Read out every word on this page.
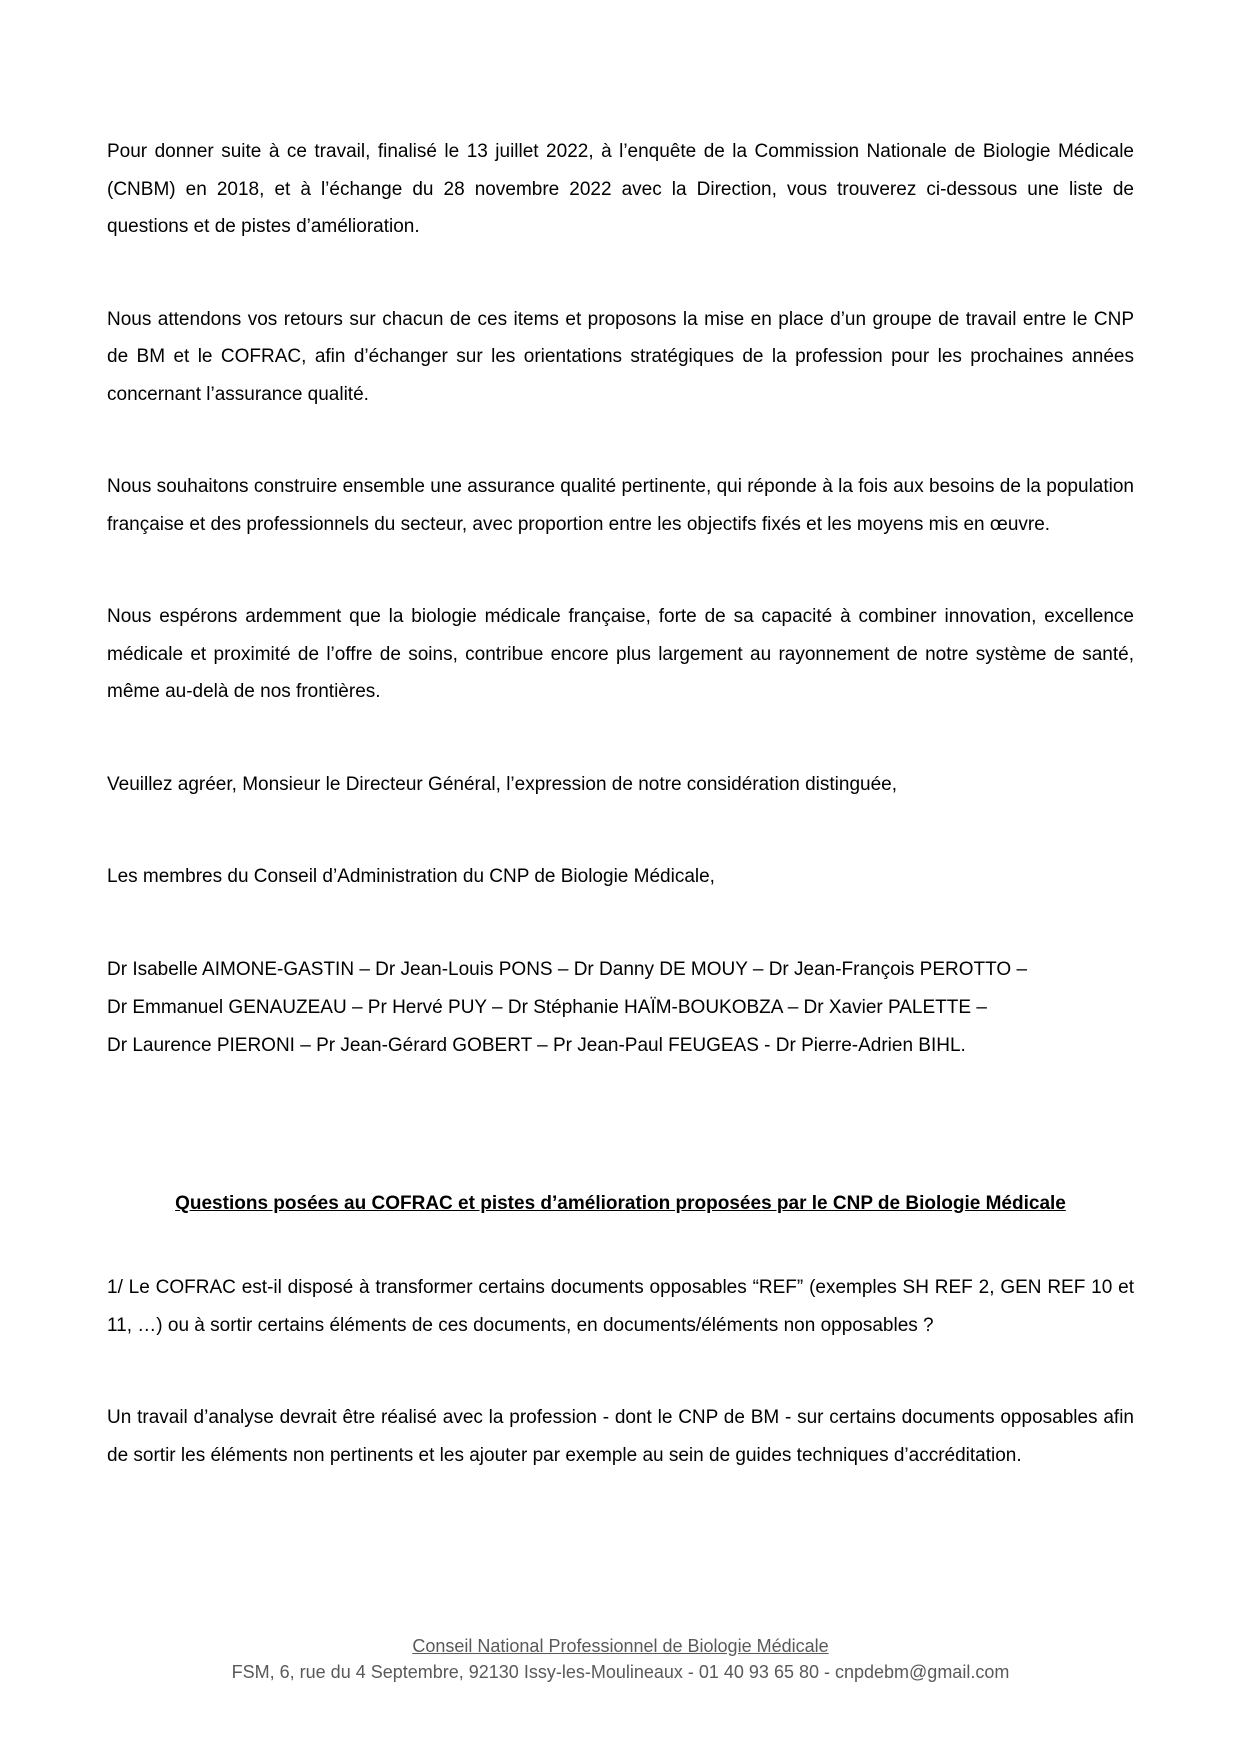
Pour donner suite à ce travail, finalisé le 13 juillet 2022, à l’enquête de la Commission Nationale de Biologie Médicale (CNBM) en 2018, et à l’échange du 28 novembre 2022 avec la Direction, vous trouverez ci-dessous une liste de questions et de pistes d’amélioration.

Nous attendons vos retours sur chacun de ces items et proposons la mise en place d’un groupe de travail entre le CNP de BM et le COFRAC, afin d’échanger sur les orientations stratégiques de la profession pour les prochaines années concernant l’assurance qualité.

Nous souhaitons construire ensemble une assurance qualité pertinente, qui réponde à la fois aux besoins de la population française et des professionnels du secteur, avec proportion entre les objectifs fixés et les moyens mis en œuvre.

Nous espérons ardemment que la biologie médicale française, forte de sa capacité à combiner innovation, excellence médicale et proximité de l’offre de soins, contribue encore plus largement au rayonnement de notre système de santé, même au-delà de nos frontières.

Veuillez agréer, Monsieur le Directeur Général, l’expression de notre considération distinguée,

Les membres du Conseil d’Administration du CNP de Biologie Médicale,

Dr Isabelle AIMONE-GASTIN – Dr Jean-Louis PONS – Dr Danny DE MOUY – Dr Jean-François PEROTTO –
Dr Emmanuel GENAUZEAU – Pr Hervé PUY – Dr Stéphanie HAÏM-BOUKOBZA – Dr Xavier PALETTE –
Dr Laurence PIERONI – Pr Jean-Gérard GOBERT – Pr Jean-Paul FEUGEAS - Dr Pierre-Adrien BIHL.
Questions posées au COFRAC et pistes d’amélioration proposées par le CNP de Biologie Médicale

1/ Le COFRAC est-il disposé à transformer certains documents opposables “REF” (exemples SH REF 2, GEN REF 10 et 11, …) ou à sortir certains éléments de ces documents, en documents/éléments non opposables ?

Un travail d’analyse devrait être réalisé avec la profession - dont le CNP de BM - sur certains documents opposables afin de sortir les éléments non pertinents et les ajouter par exemple au sein de guides techniques d’accréditation.

Conseil National Professionnel de Biologie Médicale
FSM, 6, rue du 4 Septembre, 92130 Issy-les-Moulineaux - 01 40 93 65 80 - cnpdebm@gmail.com
